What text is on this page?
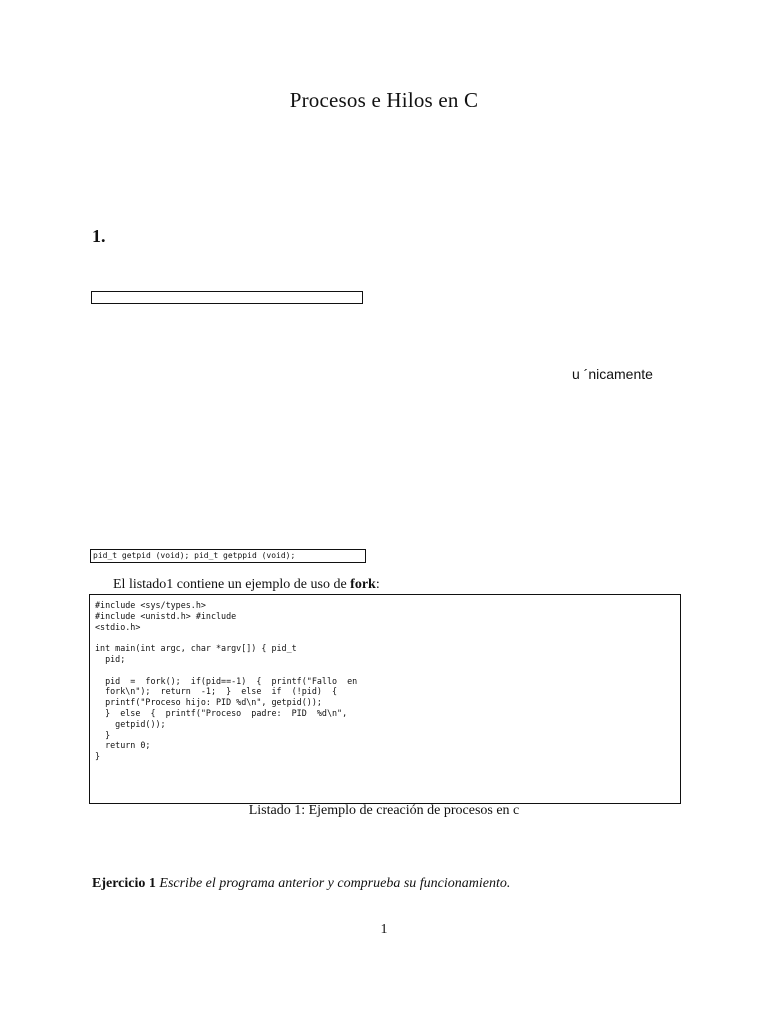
Procesos e Hilos en C
1.
u ´nicamente
pid_t getpid (void); pid_t getppid (void);
El listado1 contiene un ejemplo de uso de fork:
#include <sys/types.h>
#include <unistd.h> #include
<stdio.h>

int main(int argc, char *argv[]) { pid_t
pid;

pid  =  fork();  if(pid==-1)  {  printf("Fallo  en
fork\n");  return  -1;  }  else  if  (!pid)  {
printf("Proceso hijo: PID %d\n", getpid());
}  else  {  printf("Proceso  padre:  PID  %d\n",
getpid());
}
return 0;
}
Listado 1: Ejemplo de creación de procesos en c
Ejercicio 1 Escribe el programa anterior y comprueba su funcionamiento.
1
